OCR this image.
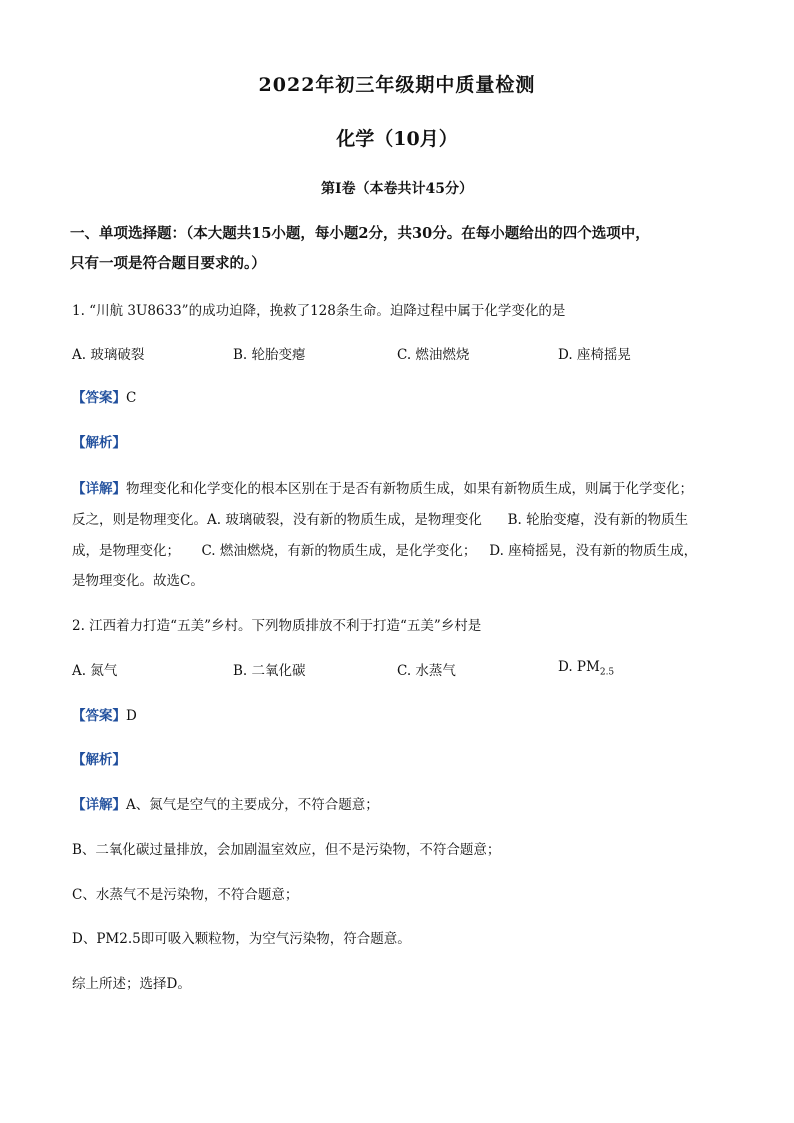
2022年初三年级期中质量检测
化学（10月）
第I卷（本卷共计45分）
一、单项选择题：（本大题共15小题，每小题2分，共30分。在每小题给出的四个选项中，
只有一项是符合题目要求的。）
1. “川航 3U8633”的成功迫降，挽救了128条生命。迫降过程中属于化学变化的是
A. 玻璃破裂	B. 轮胎变瘪	C. 燃油燃烧	D. 座椅摇晃
【答案】C
【解析】
【详解】物理变化和化学变化的根本区别在于是否有新物质生成，如果有新物质生成，则属于化学变化；
反之，则是物理变化。A. 玻璃破裂，没有新的物质生成，是物理变化      B. 轮胎变瘪，没有新的物质生
成，是物理变化；     C. 燃油燃烧，有新的物质生成，是化学变化；   D. 座椅摇晃，没有新的物质生成，
是物理变化。故选C。
2. 江西着力打造“五美”乡村。下列物质排放不利于打造“五美”乡村是
A. 氮气	B. 二氧化碳	C. 水蒸气	D. $PM_{2.5}$
【答案】D
【解析】
【详解】A、氮气是空气的主要成分，不符合题意；
B、二氧化碳过量排放，会加剧温室效应，但不是污染物，不符合题意；
C、水蒸气不是污染物，不符合题意；
D、PM2.5即可吸入颗粒物，为空气污染物，符合题意。
综上所述；选择D。
